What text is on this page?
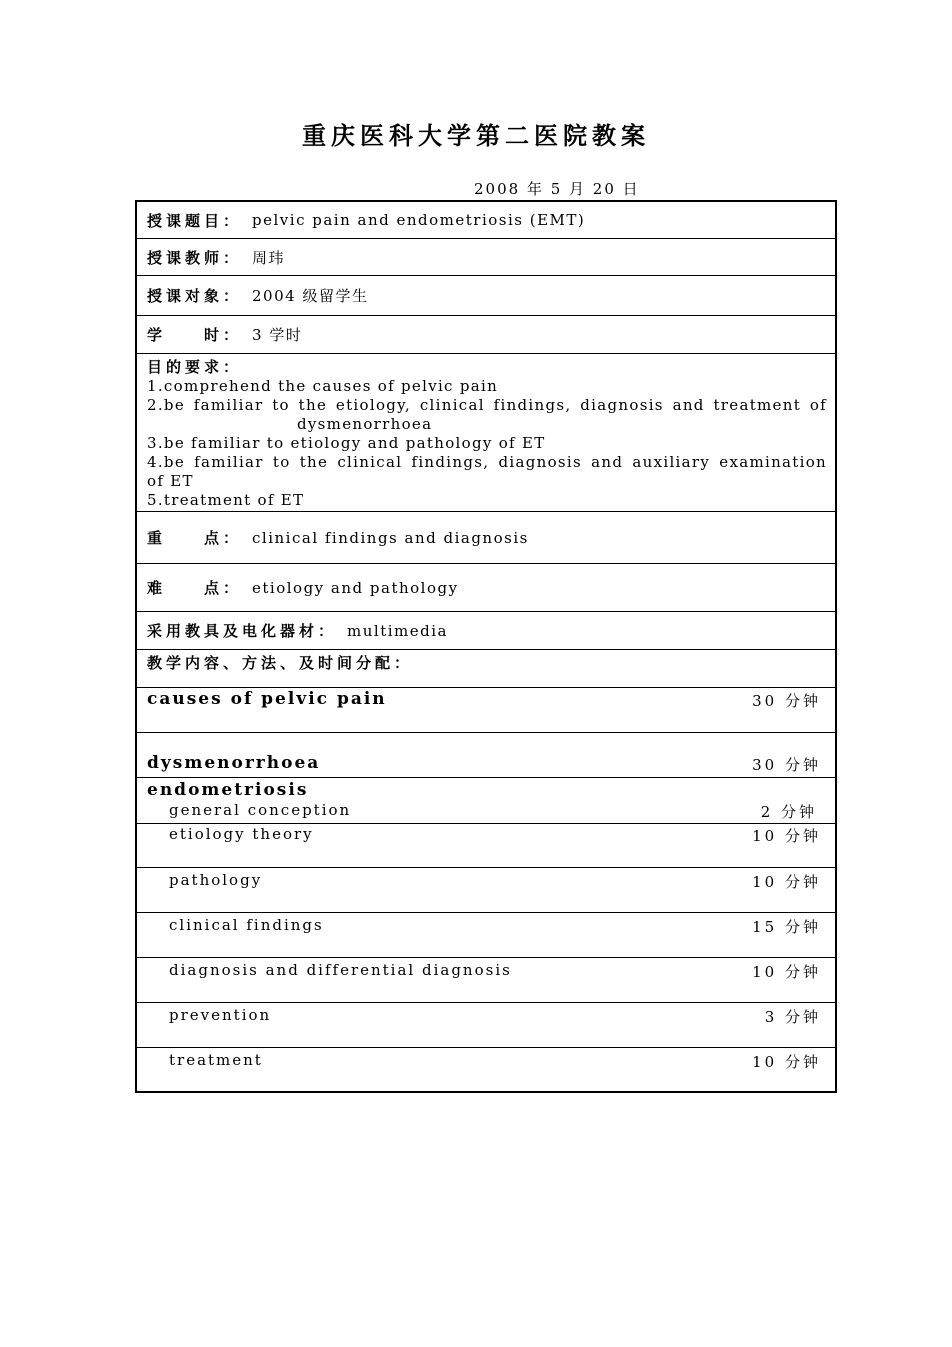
重庆医科大学第二医院教案
2008 年 5 月 20 日
授课题目： pelvic pain and endometriosis (EMT)
授课教师： 周玮
授课对象： 2004 级留学生
学　　时： 3 学时
目的要求：
1.comprehend the causes of pelvic pain
2.be familiar to the etiology, clinical findings, diagnosis and treatment of
dysmenorrhoea
3.be familiar to etiology and pathology of ET
4.be familiar to the clinical findings, diagnosis and auxiliary examination
of ET
5.treatment of ET
重　　点： clinical findings and diagnosis
难　　点： etiology and pathology
采用教具及电化器材： multimedia
教学内容、方法、及时间分配：
causes of pelvic pain	30 分钟
dysmenorrhoea	30 分钟
endometriosis
general conception	2 分钟
etiology theory	10 分钟
pathology	10 分钟
clinical findings	15 分钟
diagnosis and differential diagnosis	10 分钟
prevention	3 分钟
treatment	10 分钟
